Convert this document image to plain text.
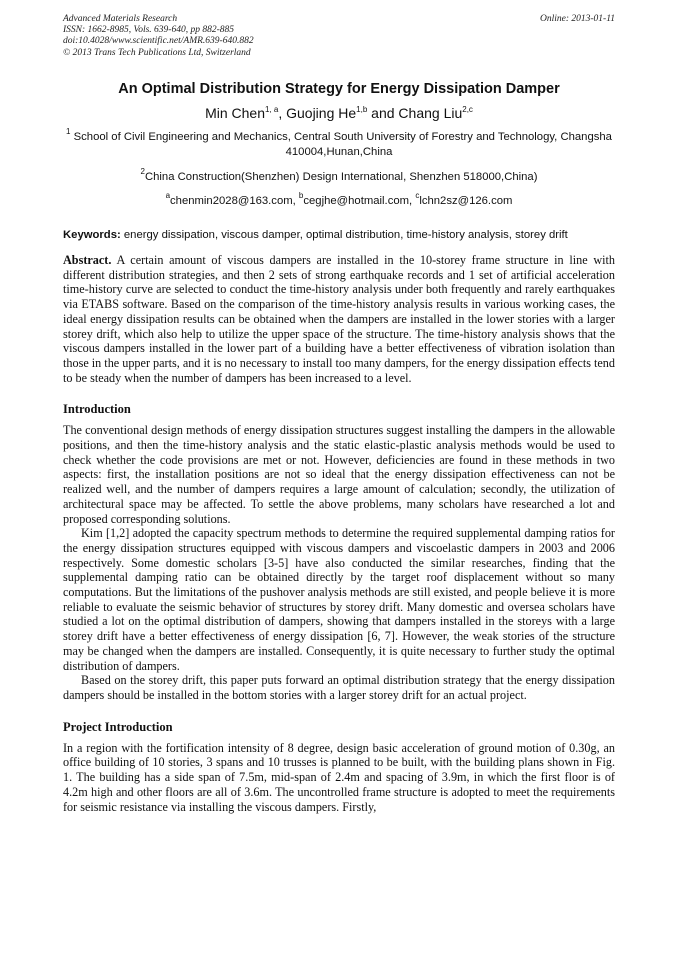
Advanced Materials Research
ISSN: 1662-8985, Vols. 639-640, pp 882-885
doi:10.4028/www.scientific.net/AMR.639-640.882
© 2013 Trans Tech Publications Ltd, Switzerland
Online: 2013-01-11
An Optimal Distribution Strategy for Energy Dissipation Damper
Min Chen$^{1, a}$, Guojing He$^{1,b}$ and Chang Liu$^{2,c}$
$^1$ School of Civil Engineering and Mechanics, Central South University of Forestry and Technology, Changsha 410004,Hunan,China
$^2$China Construction(Shenzhen) Design International, Shenzhen 518000,China)
$^a$chenmin2028@163.com, $^b$cegjhe@hotmail.com, $^c$lchn2sz@126.com
Keywords: energy dissipation, viscous damper, optimal distribution, time-history analysis, storey drift
Abstract. A certain amount of viscous dampers are installed in the 10-storey frame structure in line with different distribution strategies, and then 2 sets of strong earthquake records and 1 set of artificial acceleration time-history curve are selected to conduct the time-history analysis under both frequently and rarely earthquakes via ETABS software. Based on the comparison of the time-history analysis results in various working cases, the ideal energy dissipation results can be obtained when the dampers are installed in the lower stories with a larger storey drift, which also help to utilize the upper space of the structure. The time-history analysis shows that the viscous dampers installed in the lower part of a building have a better effectiveness of vibration isolation than those in the upper parts, and it is no necessary to install too many dampers, for the energy dissipation effects tend to be steady when the number of dampers has been increased to a level.
Introduction

The conventional design methods of energy dissipation structures suggest installing the dampers in the allowable positions, and then the time-history analysis and the static elastic-plastic analysis methods would be used to check whether the code provisions are met or not. However, deficiencies are found in these methods in two aspects: first, the installation positions are not so ideal that the energy dissipation effectiveness can not be realized well, and the number of dampers requires a large amount of calculation; secondly, the utilization of architectural space may be affected. To settle the above problems, many scholars have researched a lot and proposed corresponding solutions.

Kim [1,2] adopted the capacity spectrum methods to determine the required supplemental damping ratios for the energy dissipation structures equipped with viscous dampers and viscoelastic dampers in 2003 and 2006 respectively. Some domestic scholars [3-5] have also conducted the similar researches, finding that the supplemental damping ratio can be obtained directly by the target roof displacement without so many computations. But the limitations of the pushover analysis methods are still existed, and people believe it is more reliable to evaluate the seismic behavior of structures by storey drift. Many domestic and oversea scholars have studied a lot on the optimal distribution of dampers, showing that dampers installed in the storeys with a large storey drift have a better effectiveness of energy dissipation [6, 7]. However, the weak stories of the structure may be changed when the dampers are installed. Consequently, it is quite necessary to further study the optimal distribution of dampers.

Based on the storey drift, this paper puts forward an optimal distribution strategy that the energy dissipation dampers should be installed in the bottom stories with a larger storey drift for an actual project.

Project Introduction

In a region with the fortification intensity of 8 degree, design basic acceleration of ground motion of 0.30g, an office building of 10 stories, 3 spans and 10 trusses is planned to be built, with the building plans shown in Fig. 1. The building has a side span of 7.5m, mid-span of 2.4m and spacing of 3.9m, in which the first floor is of 4.2m high and other floors are all of 3.6m. The uncontrolled frame structure is adopted to meet the requirements for seismic resistance via installing the viscous dampers. Firstly,
